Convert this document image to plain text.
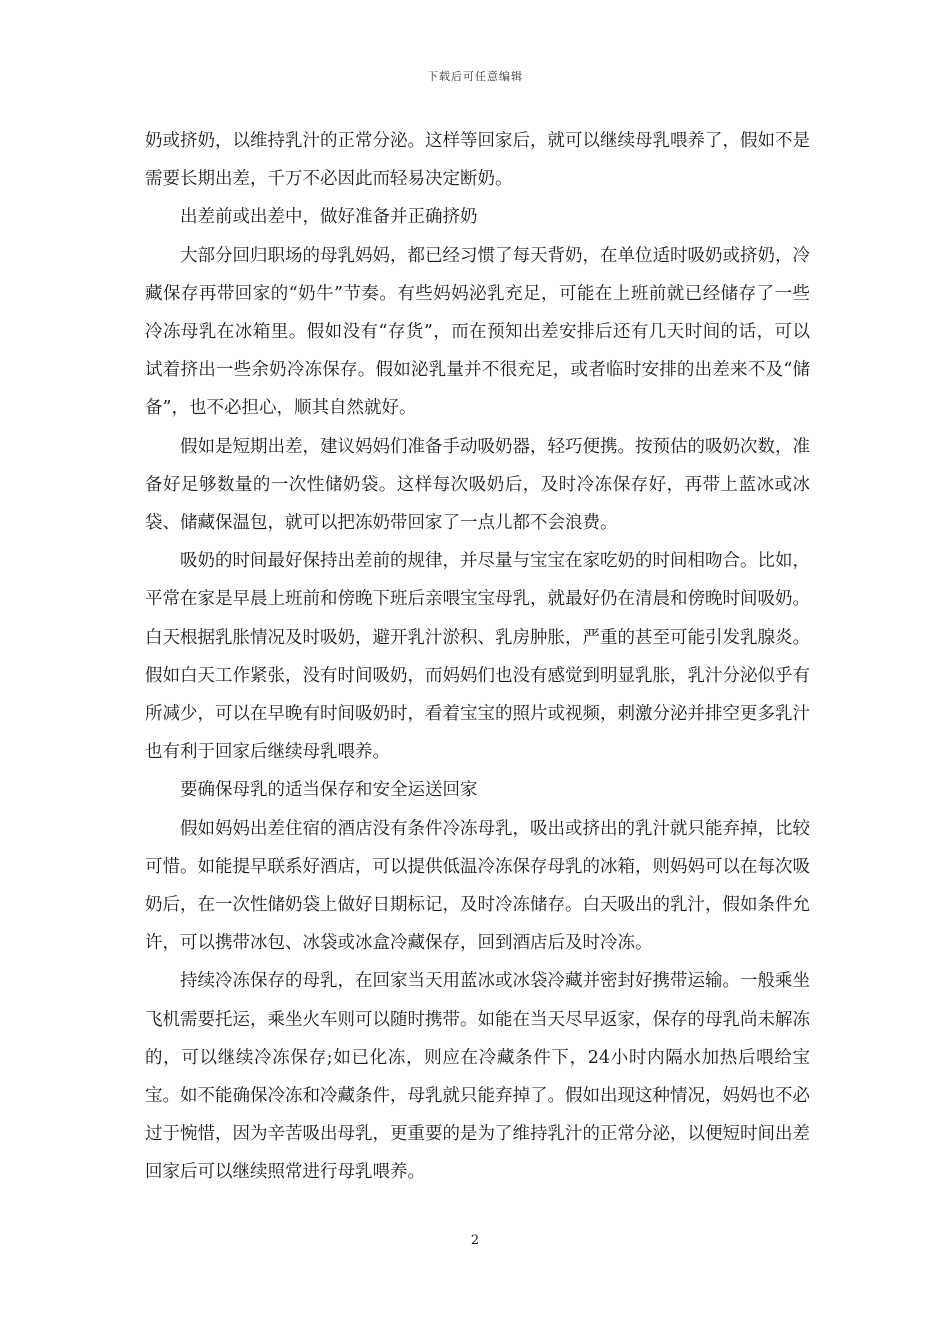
下载后可任意编辑

奶或挤奶，以维持乳汁的正常分泌。这样等回家后，就可以继续母乳喂养了，假如不是需要长期出差，千万不必因此而轻易决定断奶。

出差前或出差中，做好准备并正确挤奶

大部分回归职场的母乳妈妈，都已经习惯了每天背奶，在单位适时吸奶或挤奶，冷藏保存再带回家的“奶牛”节奏。有些妈妈泌乳充足，可能在上班前就已经储存了一些冷冻母乳在冰箱里。假如没有“存货”，而在预知出差安排后还有几天时间的话，可以试着挤出一些余奶冷冻保存。假如泌乳量并不很充足，或者临时安排的出差来不及“储备”，也不必担心，顺其自然就好。

假如是短期出差，建议妈妈们准备手动吸奶器，轻巧便携。按预估的吸奶次数，准备好足够数量的一次性储奶袋。这样每次吸奶后，及时冷冻保存好，再带上蓝冰或冰袋、储藏保温包，就可以把冻奶带回家了一点儿都不会浪费。

吸奶的时间最好保持出差前的规律，并尽量与宝宝在家吃奶的时间相吻合。比如，平常在家是早晨上班前和傍晚下班后亲喂宝宝母乳，就最好仍在清晨和傍晚时间吸奶。白天根据乳胀情况及时吸奶，避开乳汁淤积、乳房肿胀，严重的甚至可能引发乳腺炎。假如白天工作紧张，没有时间吸奶，而妈妈们也没有感觉到明显乳胀，乳汁分泌似乎有所减少，可以在早晚有时间吸奶时，看着宝宝的照片或视频，刺激分泌并排空更多乳汁也有利于回家后继续母乳喂养。

要确保母乳的适当保存和安全运送回家

假如妈妈出差住宿的酒店没有条件冷冻母乳，吸出或挤出的乳汁就只能弃掉，比较可惜。如能提早联系好酒店，可以提供低温冷冻保存母乳的冰箱，则妈妈可以在每次吸奶后，在一次性储奶袋上做好日期标记，及时冷冻储存。白天吸出的乳汁，假如条件允许，可以携带冰包、冰袋或冰盒冷藏保存，回到酒店后及时冷冻。

持续冷冻保存的母乳，在回家当天用蓝冰或冰袋冷藏并密封好携带运输。一般乘坐飞机需要托运，乘坐火车则可以随时携带。如能在当天尽早返家，保存的母乳尚未解冻的，可以继续冷冻保存;如已化冻，则应在冷藏条件下，24小时内隔水加热后喂给宝宝。如不能确保冷冻和冷藏条件，母乳就只能弃掉了。假如出现这种情况，妈妈也不必过于惋惜，因为辛苦吸出母乳，更重要的是为了维持乳汁的正常分泌，以便短时间出差回家后可以继续照常进行母乳喂养。

2
